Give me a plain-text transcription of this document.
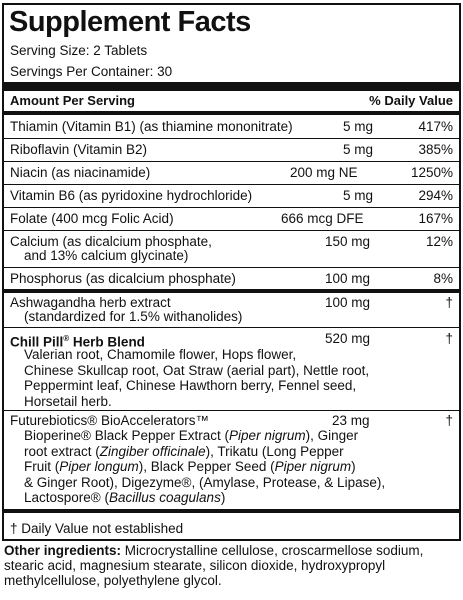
Supplement Facts
Serving Size: 2 Tablets
Servings Per Container: 30
Amount Per Serving	% Daily Value
Thiamin (Vitamin B1) (as thiamine mononitrate)	5 mg	417%
Riboflavin (Vitamin B2)	5 mg	385%
Niacin (as niacinamide)	200 mg NE	1250%
Vitamin B6 (as pyridoxine hydrochloride)	5 mg	294%
Folate (400 mcg Folic Acid)	666 mcg DFE	167%
Calcium (as dicalcium phosphate,
and 13% calcium glycinate)
150 mg	12%
Phosphorus (as dicalcium phosphate)	100 mg	8%
Ashwagandha herb extract
(standardized for 1.5% withanolides)
100 mg	†
Chill Pill® Herb Blend	520 mg	†
Valerian root, Chamomile flower, Hops flower,
Chinese Skullcap root, Oat Straw (aerial part), Nettle root,
Peppermint leaf, Chinese Hawthorn berry, Fennel seed,
Horsetail herb.
Futurebiotics® BioAccelerators™	23 mg	†
Bioperine® Black Pepper Extract (Piper nigrum), Ginger
root extract (Zingiber officinale), Trikatu (Long Pepper
Fruit (Piper longum), Black Pepper Seed (Piper nigrum)
& Ginger Root), Digezyme®, (Amylase, Protease, & Lipase),
Lactospore® (Bacillus coagulans)
† Daily Value not established
Other ingredients: Microcrystalline cellulose, croscarmellose sodium, stearic acid, magnesium stearate, silicon dioxide, hydroxypropyl methylcellulose, polyethylene glycol.
